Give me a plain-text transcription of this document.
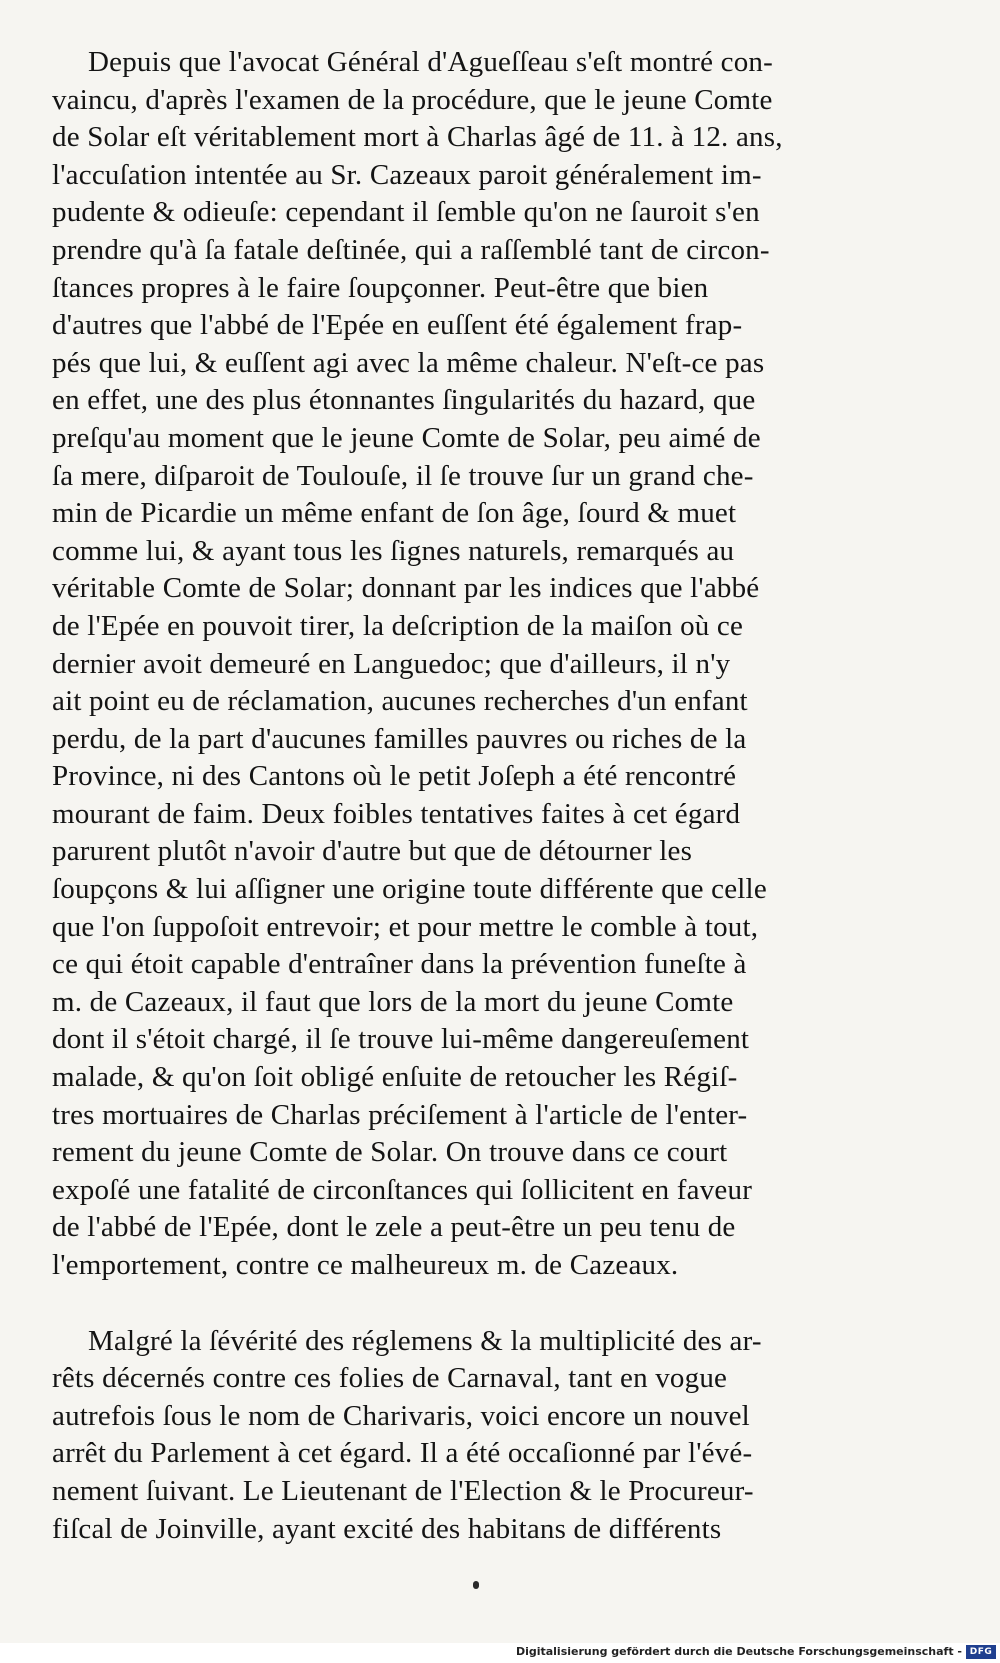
Depuis que l'avocat Général d'Agueſſeau s'eſt montré con-
vaincu, d'après l'examen de la procédure, que le jeune Comte
de Solar eſt véritablement mort à Charlas âgé de 11. à 12. ans,
l'accuſation intentée au Sr. Cazeaux paroit généralement im-
pudente & odieuſe: cependant il ſemble qu'on ne ſauroit s'en
prendre qu'à ſa fatale deſtinée, qui a raſſemblé tant de circon-
ſtances propres à le faire ſoupçonner. Peut-être que bien
d'autres que l'abbé de l'Epée en euſſent été également frap-
pés que lui, & euſſent agi avec la même chaleur. N'eſt-ce pas
en effet, une des plus étonnantes ſingularités du hazard, que
preſqu'au moment que le jeune Comte de Solar, peu aimé de
ſa mere, diſparoit de Toulouſe, il ſe trouve ſur un grand che-
min de Picardie un même enfant de ſon âge, ſourd & muet
comme lui, & ayant tous les ſignes naturels, remarqués au
véritable Comte de Solar; donnant par les indices que l'abbé
de l'Epée en pouvoit tirer, la deſcription de la maiſon où ce
dernier avoit demeuré en Languedoc; que d'ailleurs, il n'y
ait point eu de réclamation, aucunes recherches d'un enfant
perdu, de la part d'aucunes familles pauvres ou riches de la
Province, ni des Cantons où le petit Joſeph a été rencontré
mourant de faim. Deux foibles tentatives faites à cet égard
parurent plutôt n'avoir d'autre but que de détourner les
ſoupçons & lui aſſigner une origine toute différente que celle
que l'on ſuppoſoit entrevoir; et pour mettre le comble à tout,
ce qui étoit capable d'entraîner dans la prévention funeſte à
m. de Cazeaux, il faut que lors de la mort du jeune Comte
dont il s'étoit chargé, il ſe trouve lui-même dangereuſement
malade, & qu'on ſoit obligé enſuite de retoucher les Régiſ-
tres mortuaires de Charlas préciſement à l'article de l'enter-
rement du jeune Comte de Solar. On trouve dans ce court
expoſé une fatalité de circonſtances qui ſollicitent en faveur
de l'abbé de l'Epée, dont le zele a peut-être un peu tenu de
l'emportement, contre ce malheureux m. de Cazeaux.
Malgré la ſévérité des réglemens & la multiplicité des ar-
rêts décernés contre ces folies de Carnaval, tant en vogue
autrefois ſous le nom de Charivaris, voici encore un nouvel
arrêt du Parlement à cet égard. Il a été occaſionné par l'évé-
nement ſuivant. Le Lieutenant de l'Election & le Procureur-
fiſcal de Joinville, ayant excité des habitans de différents
Digitalisierung gefördert durch die Deutsche Forschungsgemeinschaft - DFG
